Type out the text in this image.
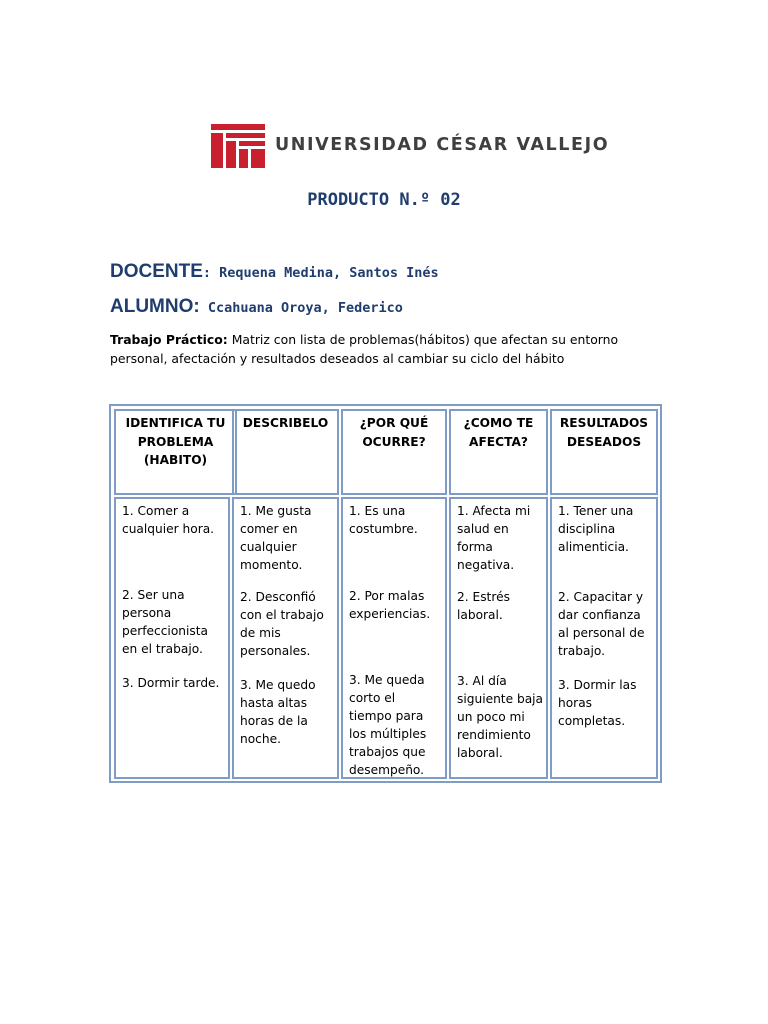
UNIVERSIDAD CÉSAR VALLEJO
PRODUCTO N.º 02
DOCENTE: Requena Medina, Santos Inés
ALUMNO: Ccahuana Oroya, Federico
Trabajo Práctico: Matriz con lista de problemas(hábitos) que afectan su entorno personal, afectación y resultados deseados al cambiar su ciclo del hábito
IDENTIFICA TU PROBLEMA (HABITO)
DESCRIBELO	¿POR QUÉ OCURRE?
¿COMO TE AFECTA?
RESULTADOS DESEADOS
1. Comer a cualquier hora.
2. Ser una persona perfeccionista en el trabajo.
3. Dormir tarde.
1. Me gusta comer en cualquier momento.
2. Desconfió con el trabajo de mis personales.
3. Me quedo hasta altas horas de la noche.
1. Es una costumbre.
2. Por malas experiencias.
3. Me queda corto el tiempo para los múltiples trabajos que desempeño.
1. Afecta mi salud en forma negativa.
2. Estrés laboral.
3. Al día siguiente baja un poco mi rendimiento laboral.
1. Tener una disciplina alimenticia.
2. Capacitar y dar confianza al personal de trabajo.
3. Dormir las horas completas.
